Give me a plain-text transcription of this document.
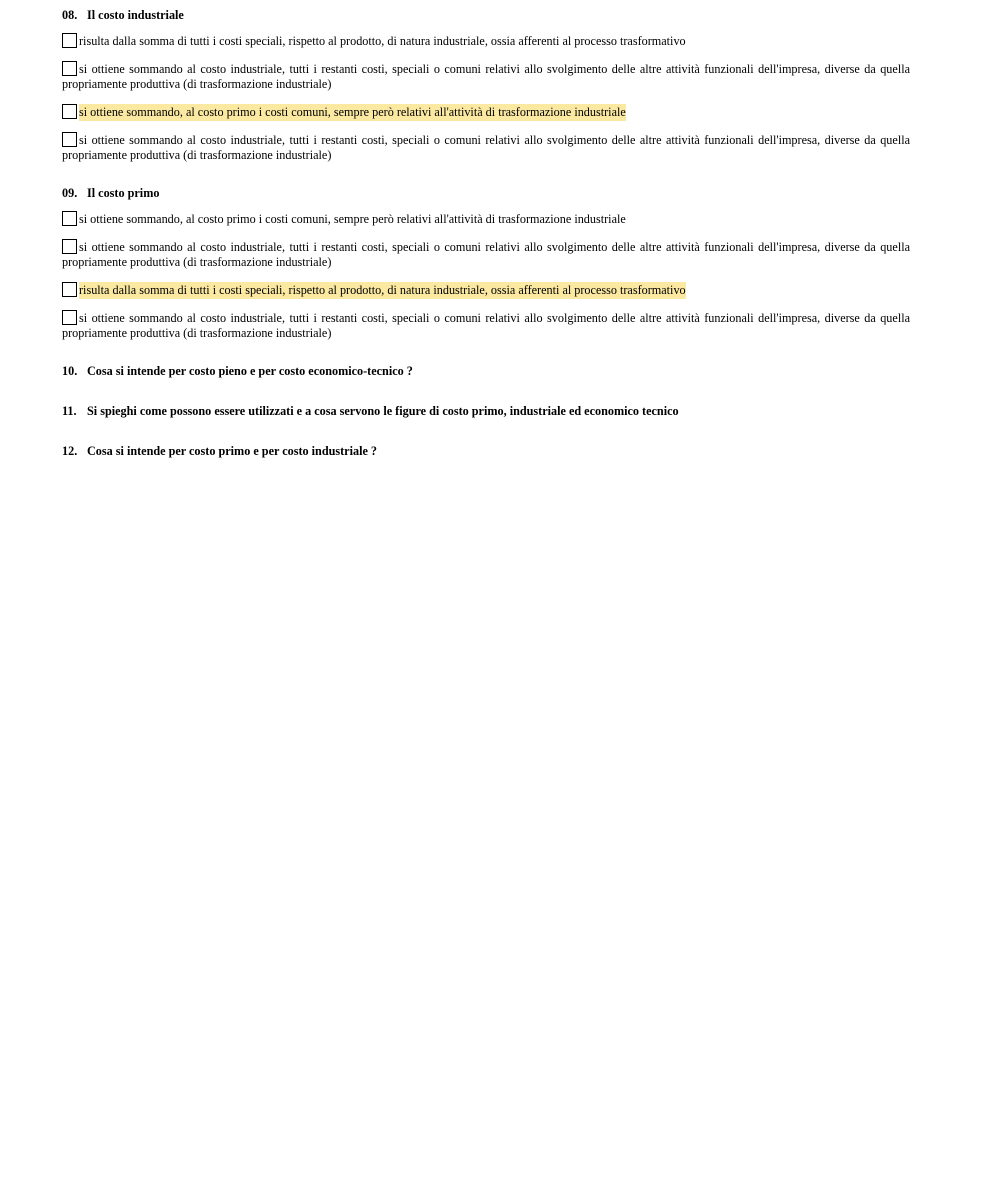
08. Il costo industriale

risulta dalla somma di tutti i costi speciali, rispetto al prodotto, di natura industriale, ossia afferenti al processo trasformativo

si ottiene sommando al costo industriale, tutti i restanti costi, speciali o comuni relativi allo svolgimento delle altre attività funzionali dell'impresa, diverse da quella propriamente produttiva (di trasformazione industriale)

si ottiene sommando, al costo primo i costi comuni, sempre però relativi all'attività di trasformazione industriale

si ottiene sommando al costo industriale, tutti i restanti costi, speciali o comuni relativi allo svolgimento delle altre attività funzionali dell'impresa, diverse da quella propriamente produttiva (di trasformazione industriale)

09. Il costo primo

si ottiene sommando, al costo primo i costi comuni, sempre però relativi all'attività di trasformazione industriale

si ottiene sommando al costo industriale, tutti i restanti costi, speciali o comuni relativi allo svolgimento delle altre attività funzionali dell'impresa, diverse da quella propriamente produttiva (di trasformazione industriale)

risulta dalla somma di tutti i costi speciali, rispetto al prodotto, di natura industriale, ossia afferenti al processo trasformativo

si ottiene sommando al costo industriale, tutti i restanti costi, speciali o comuni relativi allo svolgimento delle altre attività funzionali dell'impresa, diverse da quella propriamente produttiva (di trasformazione industriale)

10. Cosa si intende per costo pieno e per costo economico-tecnico ?

11. Si spieghi come possono essere utilizzati e a cosa servono le figure di costo primo, industriale ed economico tecnico

12. Cosa si intende per costo primo e per costo industriale ?
